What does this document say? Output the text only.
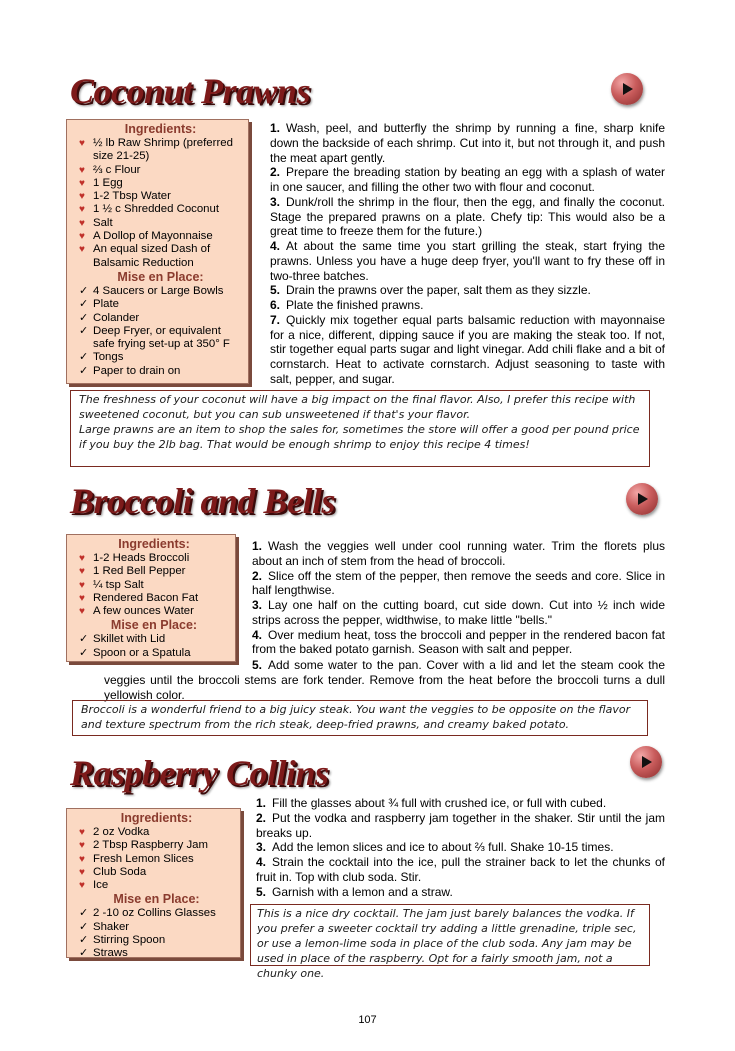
Coconut Prawns
Ingredients:
♥ ½ lb Raw Shrimp (preferred size 21-25)
♥ ⅔ c Flour
♥ 1 Egg
♥ 1-2 Tbsp Water
♥ 1 ½ c Shredded Coconut
♥ Salt
♥ A Dollop of Mayonnaise
♥ An equal sized Dash of Balsamic Reduction
Mise en Place:
✓ 4 Saucers or Large Bowls
✓ Plate
✓ Colander
✓ Deep Fryer, or equivalent safe frying set-up at 350° F
✓ Tongs
✓ Paper to drain on

1. Wash, peel, and butterfly the shrimp by running a fine, sharp knife down the backside of each shrimp. Cut into it, but not through it, and push the meat apart gently.

2. Prepare the breading station by beating an egg with a splash of water in one saucer, and filling the other two with flour and coconut.

3. Dunk/roll the shrimp in the flour, then the egg, and finally the coconut. Stage the prepared prawns on a plate. Chefy tip: This would also be a great time to freeze them for the future.)

4. At about the same time you start grilling the steak, start frying the prawns. Unless you have a huge deep fryer, you'll want to fry these off in two-three batches.

5. Drain the prawns over the paper, salt them as they sizzle.

6. Plate the finished prawns.

7. Quickly mix together equal parts balsamic reduction with mayonnaise for a nice, different, dipping sauce if you are making the steak too. If not, stir together equal parts sugar and light vinegar. Add chili flake and a bit of cornstarch. Heat to activate cornstarch. Adjust seasoning to taste with salt, pepper, and sugar.

The freshness of your coconut will have a big impact on the final flavor. Also, I prefer this recipe with sweetened coconut, but you can sub unsweetened if that's your flavor.

Large prawns are an item to shop the sales for, sometimes the store will offer a good per pound price if you buy the 2lb bag. That would be enough shrimp to enjoy this recipe 4 times!

Broccoli and Bells
Ingredients:
♥ 1-2 Heads Broccoli
♥ 1 Red Bell Pepper
♥ ¼ tsp Salt
♥ Rendered Bacon Fat
♥ A few ounces Water
Mise en Place:
✓ Skillet with Lid
✓ Spoon or a Spatula

1. Wash the veggies well under cool running water. Trim the florets plus about an inch of stem from the head of broccoli.

2. Slice off the stem of the pepper, then remove the seeds and core. Slice in half lengthwise.

3. Lay one half on the cutting board, cut side down. Cut into ½ inch wide strips across the pepper, widthwise, to make little "bells."

4. Over medium heat, toss the broccoli and pepper in the rendered bacon fat from the baked potato garnish. Season with salt and pepper.

5. Add some water to the pan. Cover with a lid and let the steam cook the veggies until the broccoli stems are fork tender. Remove from the heat before the broccoli turns a dull yellowish color.

Broccoli is a wonderful friend to a big juicy steak. You want the veggies to be opposite on the flavor and texture spectrum from the rich steak, deep-fried prawns, and creamy baked potato.

Raspberry Collins
Ingredients:
♥ 2 oz Vodka
♥ 2 Tbsp Raspberry Jam
♥ Fresh Lemon Slices
♥ Club Soda
♥ Ice
Mise en Place:
✓ 2 -10 oz Collins Glasses
✓ Shaker
✓ Stirring Spoon
✓ Straws

1. Fill the glasses about ¾ full with crushed ice, or full with cubed.

2. Put the vodka and raspberry jam together in the shaker. Stir until the jam breaks up.

3. Add the lemon slices and ice to about ⅔ full. Shake 10-15 times.

4. Strain the cocktail into the ice, pull the strainer back to let the chunks of fruit in. Top with club soda. Stir.

5. Garnish with a lemon and a straw.

This is a nice dry cocktail. The jam just barely balances the vodka. If you prefer a sweeter cocktail try adding a little grenadine, triple sec, or use a lemon-lime soda in place of the club soda. Any jam may be used in place of the raspberry. Opt for a fairly smooth jam, not a chunky one.

107
